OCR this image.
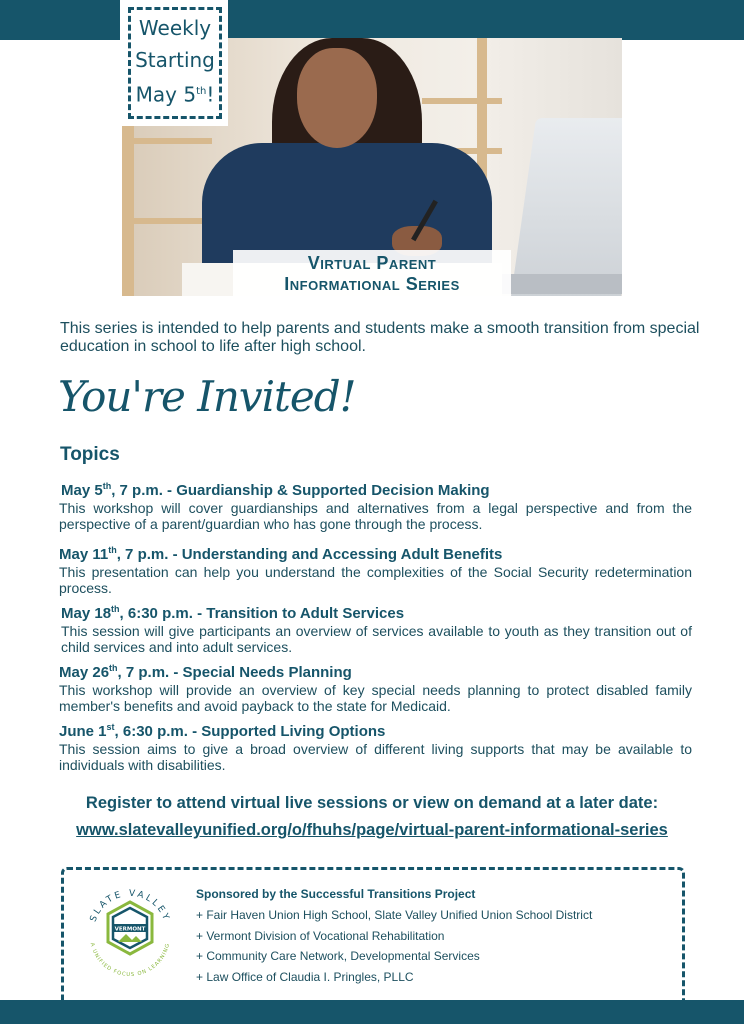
Weekly
Starting
May 5th!
Virtual Parent
Informational Series
This series is intended to help parents and students make a smooth transition from special education in school to life after high school.
You're Invited!
Topics
May 5th, 7 p.m. - Guardianship & Supported Decision Making
This workshop will cover guardianships and alternatives from a legal perspective and from the perspective of a parent/guardian who has gone through the process.
May 11th, 7 p.m. - Understanding and Accessing Adult Benefits
This presentation can help you understand the complexities of the Social Security redetermination process.
May 18th, 6:30 p.m. - Transition to Adult Services
This session will give participants an overview of services available to youth as they transition out of child services and into adult services.
May 26th, 7 p.m. - Special Needs Planning
This workshop will provide an overview of key special needs planning to protect disabled family member's benefits and avoid payback to the state for Medicaid.
June 1st, 6:30 p.m. - Supported Living Options
This session aims to give a broad overview of different living supports that may be available to individuals with disabilities.
Register to attend virtual live sessions or view on demand at a later date:
www.slatevalleyunified.org/o/fhuhs/page/virtual-parent-informational-series
SLATE VALLEY
A UNIFIED FOCUS ON LEARNING
VERMONT
Sponsored by the Successful Transitions Project
+ Fair Haven Union High School, Slate Valley Unified Union School District
+ Vermont Division of Vocational Rehabilitation
+ Community Care Network, Developmental Services
+ Law Office of Claudia I. Pringles, PLLC
